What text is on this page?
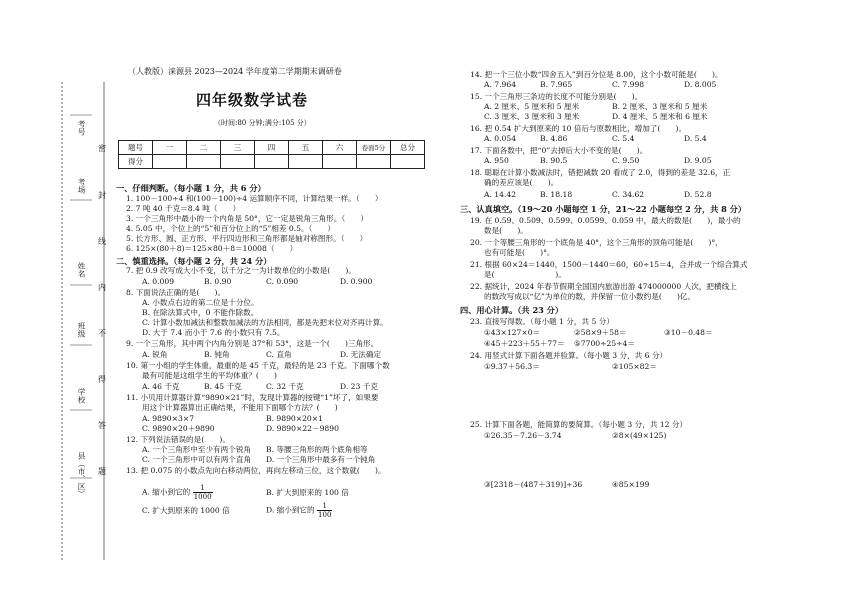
考号
考场
姓名
班级
学校
县（市、区）
密
封
线
内
不
得
答
题
（人教版）涞源县 2023—2024 学年度第二学期期末调研卷
四年级数学试卷
（时间:80 分钟;满分:105 分）
题号	一	二	三	四	五	六	卷面5分	总分
得分								
一、仔细判断。（每小题 1 分，共 6 分）
1. 100－100÷4 和(100－100)÷4 运算顺序不同，计算结果一样。（　　）
2. 7 吨 40 千克＝8.4 吨（　　）
3. 一个三角形中最小的一个内角是 50°，它一定是锐角三角形。（　　）
4. 5.05 中，个位上的“5”和百分位上的“5”相差 0.5。（　　）
5. 长方形、圆、正方形、平行四边形和三角形都是轴对称图形。（　　）
6. 125×(80＋8)＝125×80＋8＝10008（　　）
二、慎重选择。（每小题 2 分，共 24 分）
7. 把 0.9 改写成大小不变，以千分之一为计数单位的小数是(　　)。
A. 0.009	B. 0.90	C. 0.090	D. 0.900
8. 下面说法正确的是(　　)。
A. 小数点右边的第二位是十分位。
B. 在除法算式中，0 不能作除数。
C. 计算小数加减法和整数加减法的方法相同，都是先把末位对齐再计算。
D. 大于 7.4 而小于 7.6 的小数只有 7.5。
9. 一个三角形，其中两个内角分别是 37°和 53°，这是一个(　　)三角形。
A. 锐角	B. 钝角	C. 直角	D. 无法确定
10. 第一小组的学生体重，最重的是 45 千克，最轻的是 23 千克。下面哪个数
最有可能是这组学生的平均体重？(　　)
A. 46 千克	B. 45 千克	C. 32 千克	D. 23 千克
11. 小贝用计算器计算“9890×21”时，发现计算器的按键“1”坏了，如果要
用这个计算器算出正确结果，不能用下面哪个方法？(　　)
A. 9890×3×7	B. 9890×20×1
C. 9890×20＋9890	D. 9890×22－9890
12. 下列说法错误的是(　　)。
A. 一个三角形中至少有两个锐角 B. 等腰三角形的两个底角相等
C. 一个三角形中可以有两个直角 D. 一个三角形中最多有一个钝角
13. 把 0.075 的小数点先向右移动两位，再向左移动三位，这个数就(　　)。
A. 缩小到它的 $\frac{1}{1000}$	B. 扩大到原来的 100 倍
C. 扩大到原来的 1000 倍	D. 缩小到它的 $\frac{1}{100}$
14. 把一个三位小数“四舍五入”到百分位是 8.00，这个小数可能是(　　)。
A. 7.964	B. 7.965	C. 7.998	D. 8.005
15. 一个三角形三条边的长度不可能分别是(　　)。
A. 2 厘米、5 厘米和 5 厘米	B. 2 厘米、3 厘米和 5 厘米
C. 3 厘米、3 厘米和 3 厘米	D. 4 厘米、5 厘米和 6 厘米
16. 把 0.54 扩大到原来的 10 倍后与原数相比，增加了(　　)。
A. 0.054	B. 4.86	C. 5.4	D. 5.4
17. 下面各数中，把“0”去掉后大小不变的是(　　)。
A. 950	B. 90.5	C. 9.50	D. 9.05
18. 聪聪在计算小数减法时，错把减数 20 看成了 2.0，得到的差是 32.6，正
确的差应该是(　　)。
A. 14.42	B. 18.18	C. 34.62	D. 52.8
三、认真填空。（19～20 小题每空 1 分，21～22 小题每空 2 分，共 8 分）
19. 在 0.59、0.509、0.599、0.0599、0.059 中，最大的数是(　　)，最小的
数是(　　)。
20. 一个等腰三角形的一个底角是 40°，这个三角形的顶角可能是(　　)°，
也有可能是(　　)°。
21. 根据 60×24＝1440，1500－1440＝60，60÷15＝4，合并成一个综合算式
是(　　　　　　　　)。
22. 据统计，2024 年春节假期全国国内旅游出游 474000000 人次，把横线上
的数改写成以“亿”为单位的数，并保留一位小数约是(　　)亿。
四、用心计算。（共 23 分）
23. 直接写得数。（每小题 1 分，共 5 分）
①43×127×0＝	②58×9＋58＝	③10－0.48＝
④45＋223＋55＋77＝ ⑤7700÷25÷4＝
24. 用竖式计算下面各题并验算。（每小题 3 分，共 6 分）
①9.37＋56.3＝	②105×82＝
25. 计算下面各题，能简算的要简算。（每小题 3 分，共 12 分）
①26.35－7.26－3.74	②8×(49×125)
③[2318－(487＋319)]÷36	④85×199
